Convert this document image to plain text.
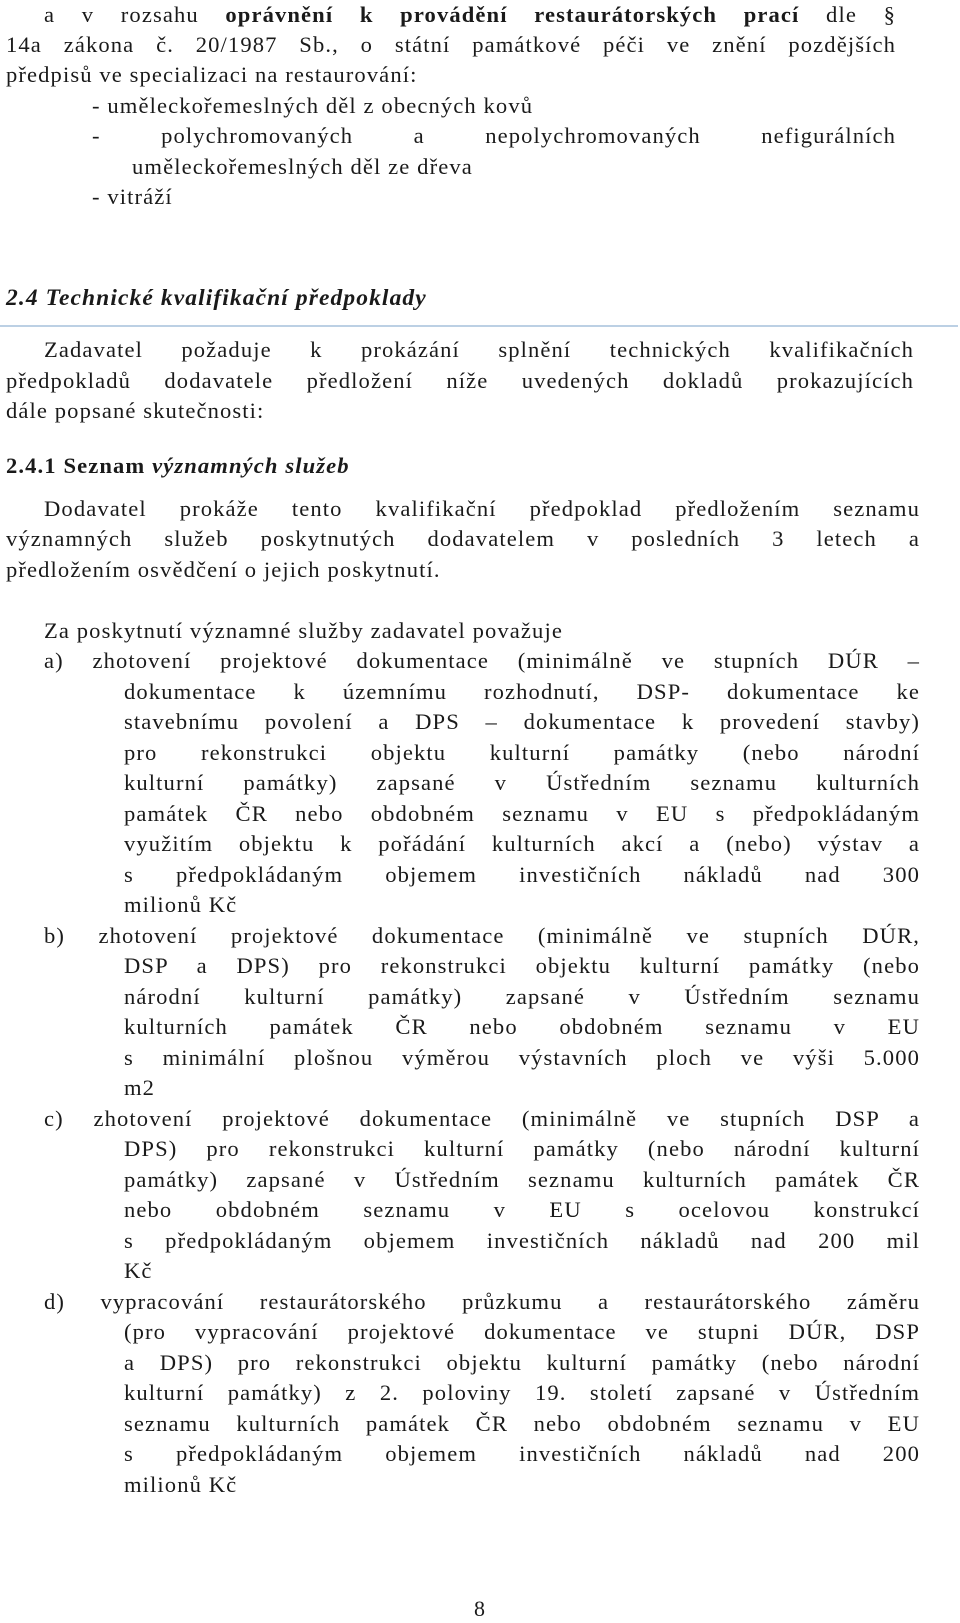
a v rozsahu oprávnění k provádění restaurátorských prací dle §
14a zákona č. 20/1987 Sb., o státní památkové péči ve znění pozdějších
předpisů ve specializaci na restaurování:
- uměleckořemeslných děl z obecných kovů
- polychromovaných a nepolychromovaných nefigurálních
uměleckořemeslných děl ze dřeva
- vitráží
2.4 Technické kvalifikační předpoklady
Zadavatel požaduje k prokázání splnění technických kvalifikačních
předpokladů dodavatele předložení níže uvedených dokladů prokazujících
dále popsané skutečnosti:
2.4.1 Seznam významných služeb
Dodavatel prokáže tento kvalifikační předpoklad předložením seznamu
významných služeb poskytnutých dodavatelem v posledních 3 letech a
předložením osvědčení o jejich poskytnutí.
Za poskytnutí významné služby zadavatel považuje
a) zhotovení projektové dokumentace (minimálně ve stupních DÚR –
dokumentace k územnímu rozhodnutí, DSP- dokumentace ke
stavebnímu povolení a DPS – dokumentace k provedení stavby)
pro rekonstrukci objektu kulturní památky (nebo národní
kulturní památky) zapsané v Ústředním seznamu kulturních
památek ČR nebo obdobném seznamu v EU s předpokládaným
využitím objektu k pořádání kulturních akcí a (nebo) výstav a
s předpokládaným objemem investičních nákladů nad 300
milionů Kč
b) zhotovení projektové dokumentace (minimálně ve stupních DÚR,
DSP a DPS) pro rekonstrukci objektu kulturní památky (nebo
národní kulturní památky) zapsané v Ústředním seznamu
kulturních památek ČR nebo obdobném seznamu v EU
s minimální plošnou výměrou výstavních ploch ve výši 5.000
m2
c) zhotovení projektové dokumentace (minimálně ve stupních DSP a
DPS) pro rekonstrukci kulturní památky (nebo národní kulturní
památky) zapsané v Ústředním seznamu kulturních památek ČR
nebo obdobném seznamu v EU s ocelovou konstrukcí
s předpokládaným objemem investičních nákladů nad 200 mil
Kč
d) vypracování restaurátorského průzkumu a restaurátorského záměru
(pro vypracování projektové dokumentace ve stupni DÚR, DSP
a DPS) pro rekonstrukci objektu kulturní památky (nebo národní
kulturní památky) z 2. poloviny 19. století zapsané v Ústředním
seznamu kulturních památek ČR nebo obdobném seznamu v EU
s předpokládaným objemem investičních nákladů nad 200
milionů Kč
8
